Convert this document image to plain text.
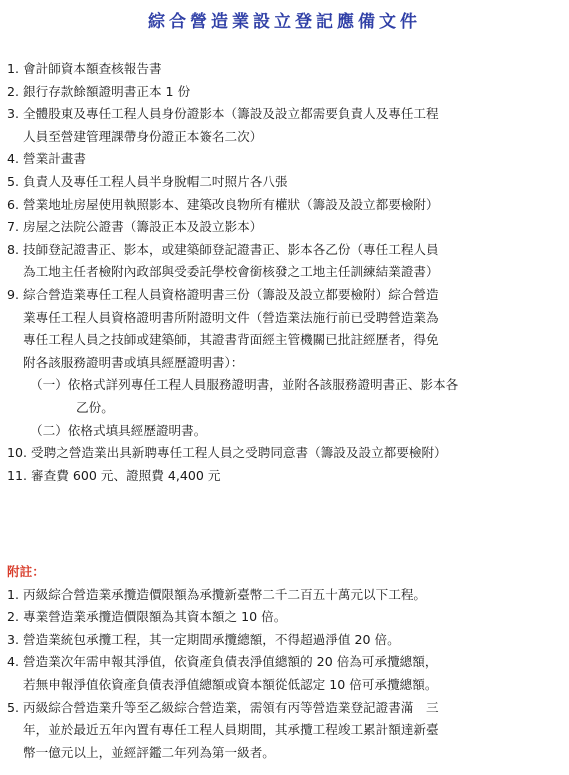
綜合營造業設立登記應備文件
1. 會計師資本額查核報告書
2. 銀行存款餘額證明書正本 1 份
3. 全體股東及專任工程人員身份證影本（籌設及設立都需要負責人及專任工程
人員至營建管理課帶身份證正本簽名二次）
4. 營業計畫書
5. 負責人及專任工程人員半身脫帽二吋照片各八張
6. 營業地址房屋使用執照影本、建築改良物所有權狀（籌設及設立都要檢附）
7. 房屋之法院公證書（籌設正本及設立影本）
8. 技師登記證書正、影本，或建築師登記證書正、影本各乙份（專任工程人員
為工地主任者檢附內政部與受委託學校會銜核發之工地主任訓練結業證書）
9. 綜合營造業專任工程人員資格證明書三份（籌設及設立都要檢附）綜合營造
業專任工程人員資格證明書所附證明文件（營造業法施行前已受聘營造業為
專任工程人員之技師或建築師，其證書背面經主管機關已批註經歷者，得免
附各該服務證明書或填具經歷證明書）：
（一）依格式詳列專任工程人員服務證明書，並附各該服務證明書正、影本各
乙份。
（二）依格式填具經歷證明書。
10. 受聘之營造業出具新聘專任工程人員之受聘同意書（籌設及設立都要檢附）
11. 審查費 600 元、證照費 4,400 元
附註：
1. 丙級綜合營造業承攬造價限額為承攬新臺幣二千二百五十萬元以下工程。
2. 專業營造業承攬造價限額為其資本額之 10 倍。
3. 營造業統包承攬工程，其一定期間承攬總額，不得超過淨值 20 倍。
4. 營造業次年需申報其淨值，依資產負債表淨值總額的 20 倍為可承攬總額，
若無申報淨值依資產負債表淨值總額或資本額從低認定 10 倍可承攬總額。
5. 丙級綜合營造業升等至乙級綜合營造業，需領有丙等營造業登記證書滿　三
年，並於最近五年內置有專任工程人員期間，其承攬工程竣工累計額達新臺
幣一億元以上，並經評鑑二年列為第一級者。
